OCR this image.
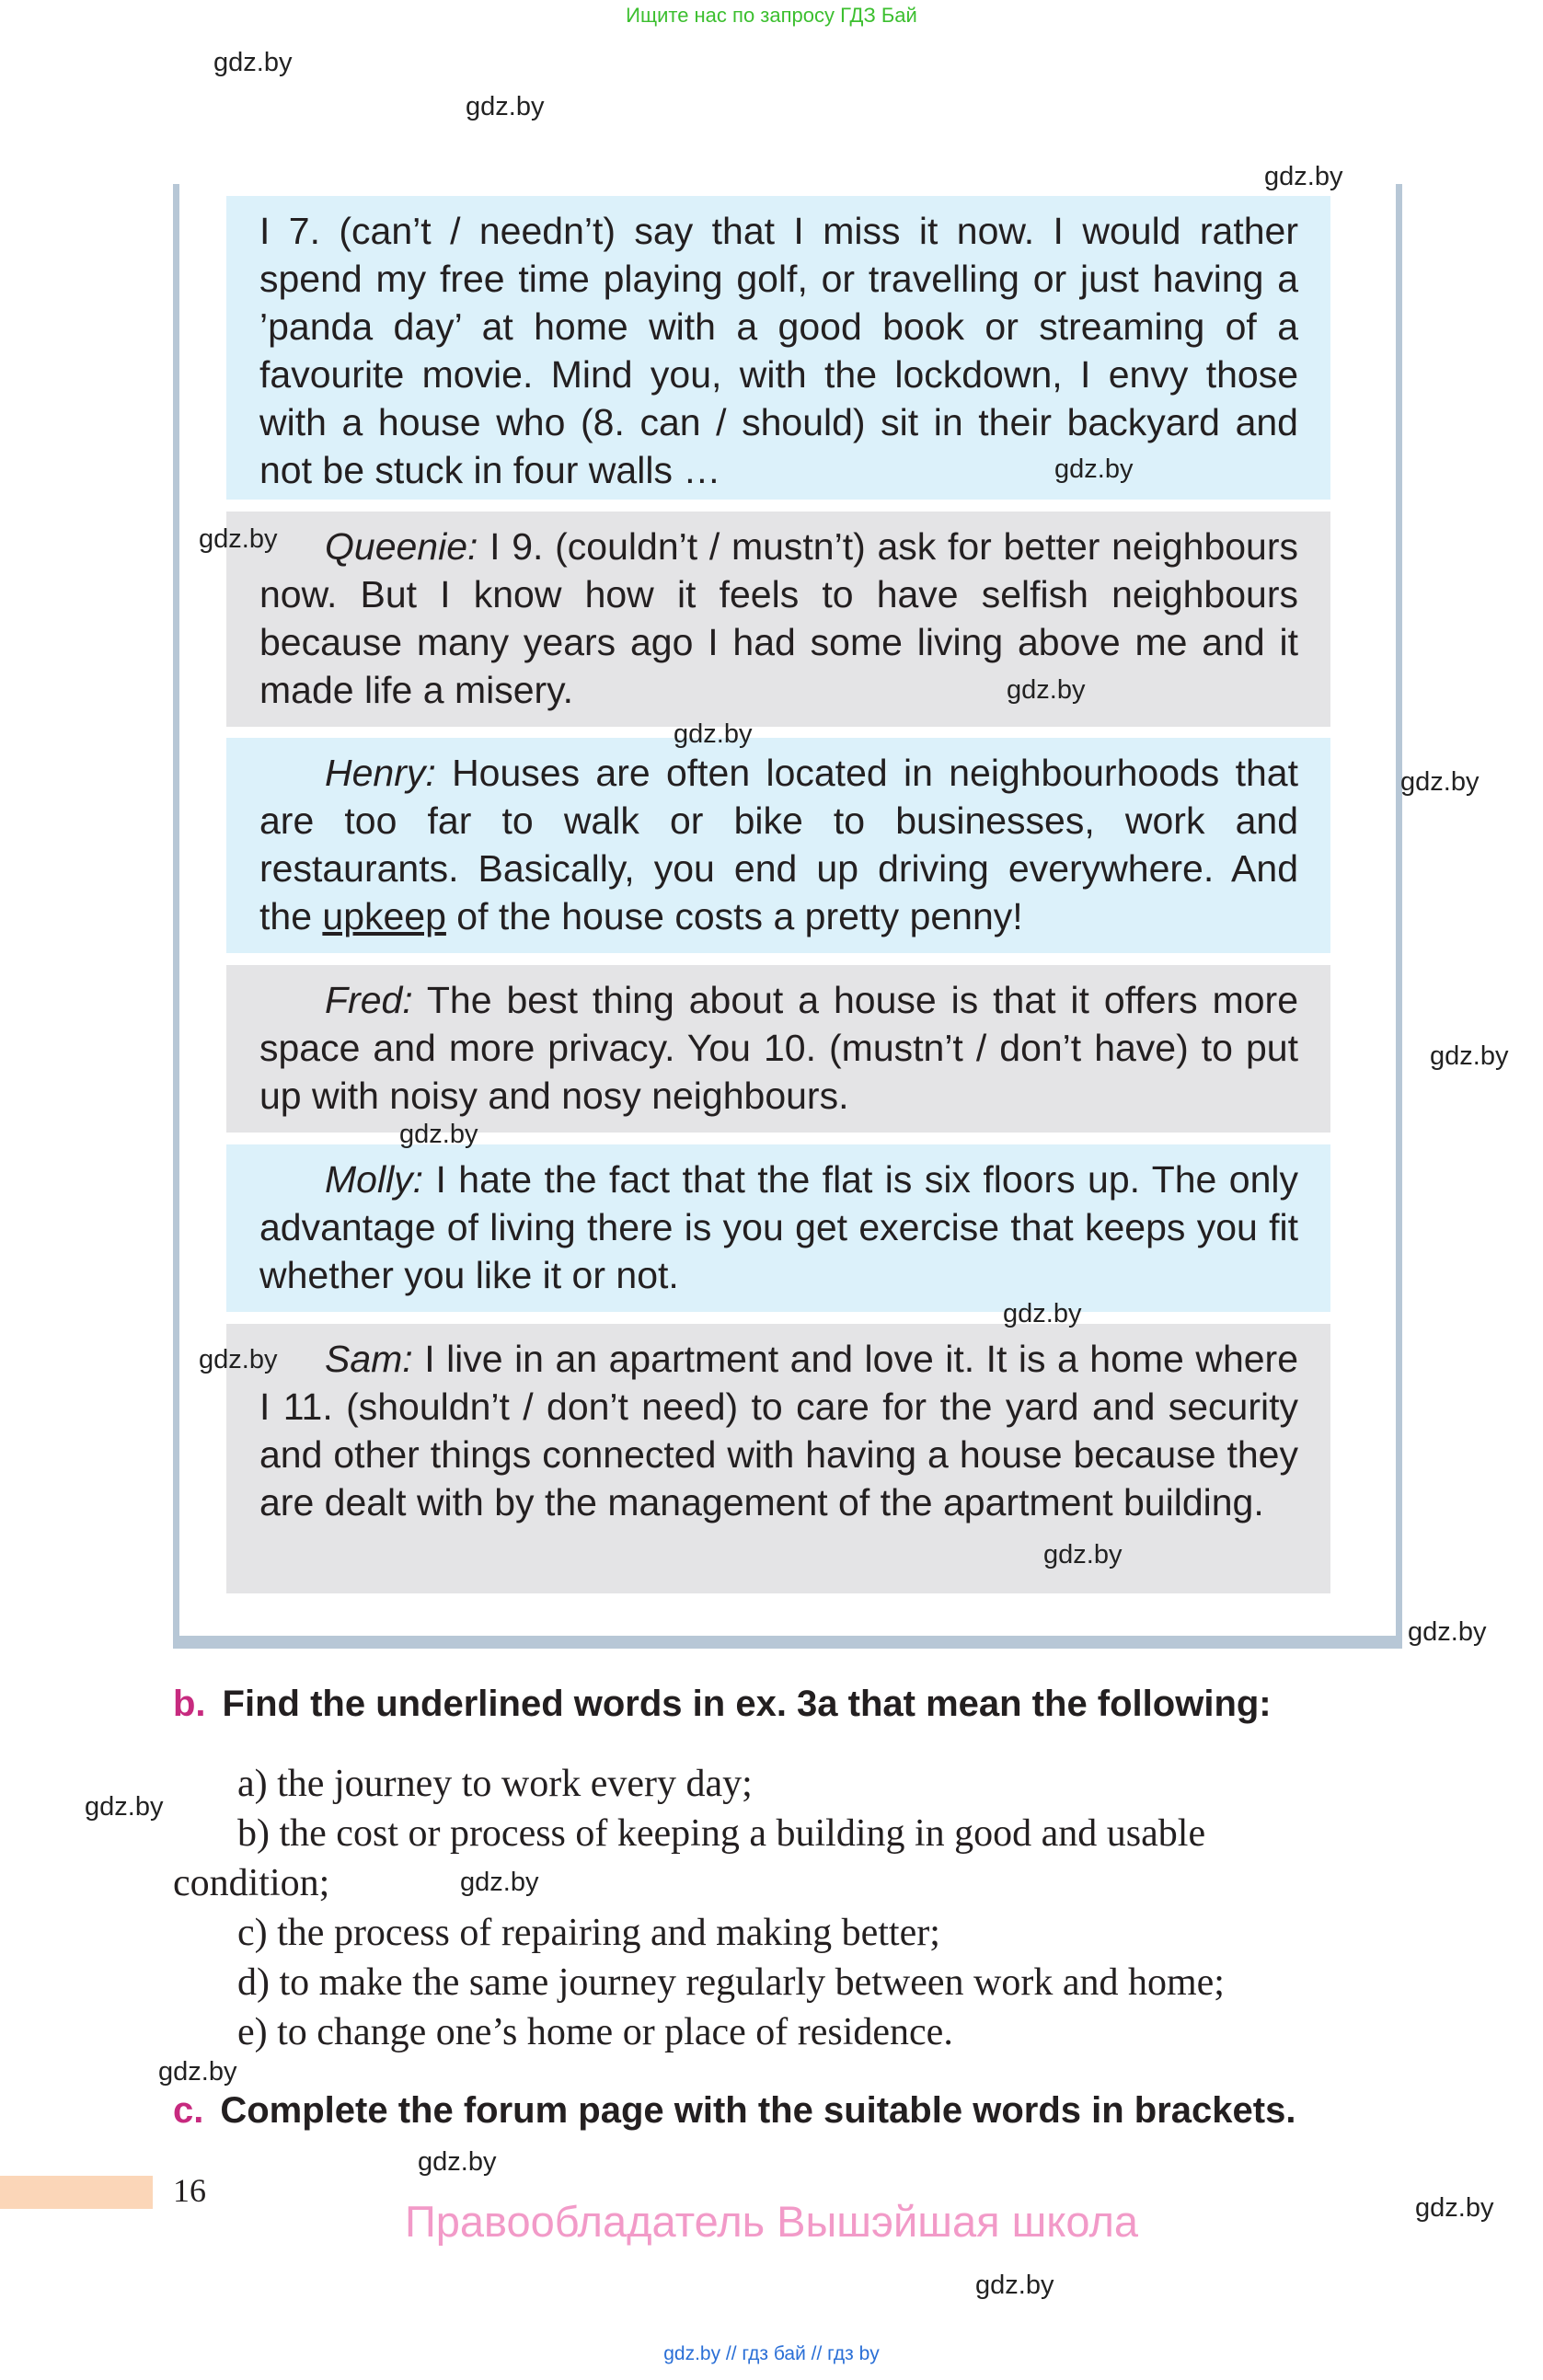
Ищите нас по запросу ГДЗ Бай
I 7. (can’t / needn’t) say that I miss it now. I would rather spend my free time playing golf, or travelling or just having a ’panda day’ at home with a good book or streaming of a favourite movie. Mind you, with the lockdown, I envy those with a house who (8. can / should) sit in their backyard and not be stuck in four walls …
Queenie: I 9. (couldn’t / mustn’t) ask for better neighbours now. But I know how it feels to have selfish neighbours because many years ago I had some living above me and it made life a misery.
Henry: Houses are often located in neighbourhoods that are too far to walk or bike to businesses, work and restaurants. Basically, you end up driving everywhere. And the upkeep of the house costs a pretty penny!
Fred: The best thing about a house is that it offers more space and more privacy. You 10. (mustn’t / don’t have) to put up with noisy and nosy neighbours.
Molly: I hate the fact that the flat is six floors up. The only advantage of living there is you get exercise that keeps you fit whether you like it or not.
Sam: I live in an apartment and love it. It is a home where I 11. (shouldn’t / don’t need) to care for the yard and security and other things connected with having a house because they are dealt with by the management of the apartment building.
b. Find the underlined words in ex. 3a that mean the following:
a) the journey to work every day;
b) the cost or process of keeping a building in good and usable
condition;
c) the process of repairing and making better;
d) to make the same journey regularly between work and home;
e) to change one’s home or place of residence.
c. Complete the forum page with the suitable words in brackets.
16
Правообладатель Вышэйшая школа
gdz.by // гдз бай // гдз by
gdz.by
gdz.by
gdz.by
gdz.by
gdz.by
gdz.by
gdz.by
gdz.by
gdz.by
gdz.by
gdz.by
gdz.by
gdz.by
gdz.by
gdz.by
gdz.by
gdz.by
gdz.by
gdz.by
gdz.by
